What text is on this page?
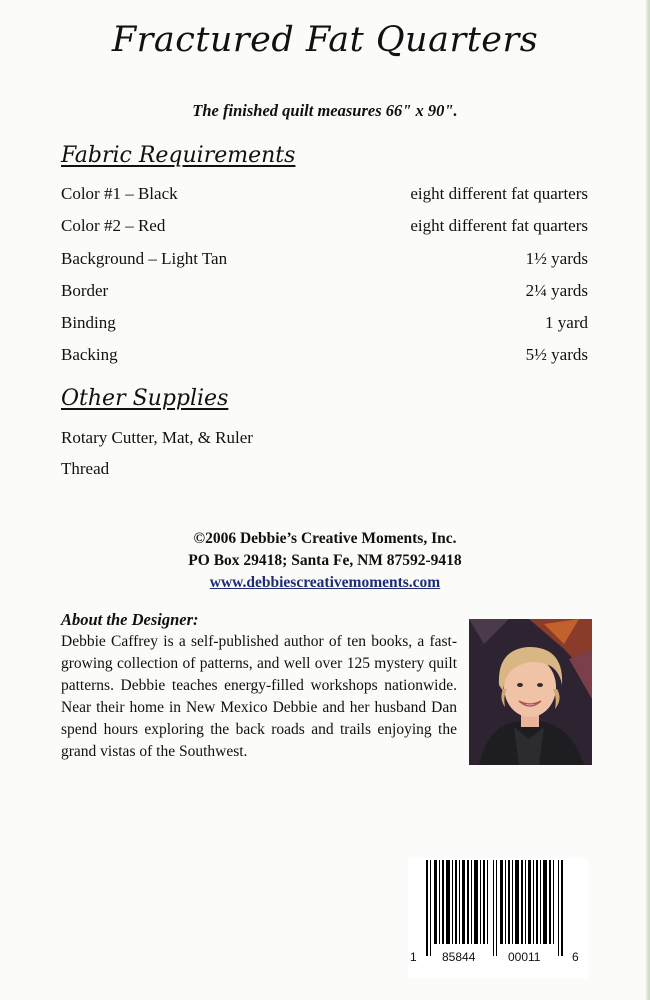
Fractured Fat Quarters
The finished quilt measures 66" x 90".
Fabric Requirements
Color #1 – Black	eight different fat quarters
Color #2 – Red	eight different fat quarters
Background – Light Tan	1½ yards
Border	2¼ yards
Binding	1 yard
Backing	5½ yards
Other Supplies
Rotary Cutter, Mat, & Ruler
Thread
©2006 Debbie’s Creative Moments, Inc.
PO Box 29418; Santa Fe, NM 87592-9418
www.debbiescreativemoments.com
About the Designer:

Debbie Caffrey is a self-published author of ten books, a fast-growing collection of patterns, and well over 125 mystery quilt patterns. Debbie teaches energy-filled workshops nationwide. Near their home in New Mexico Debbie and her husband Dan spend hours exploring the back roads and trails enjoying the grand vistas of the Southwest.

1 85844	00011	6
